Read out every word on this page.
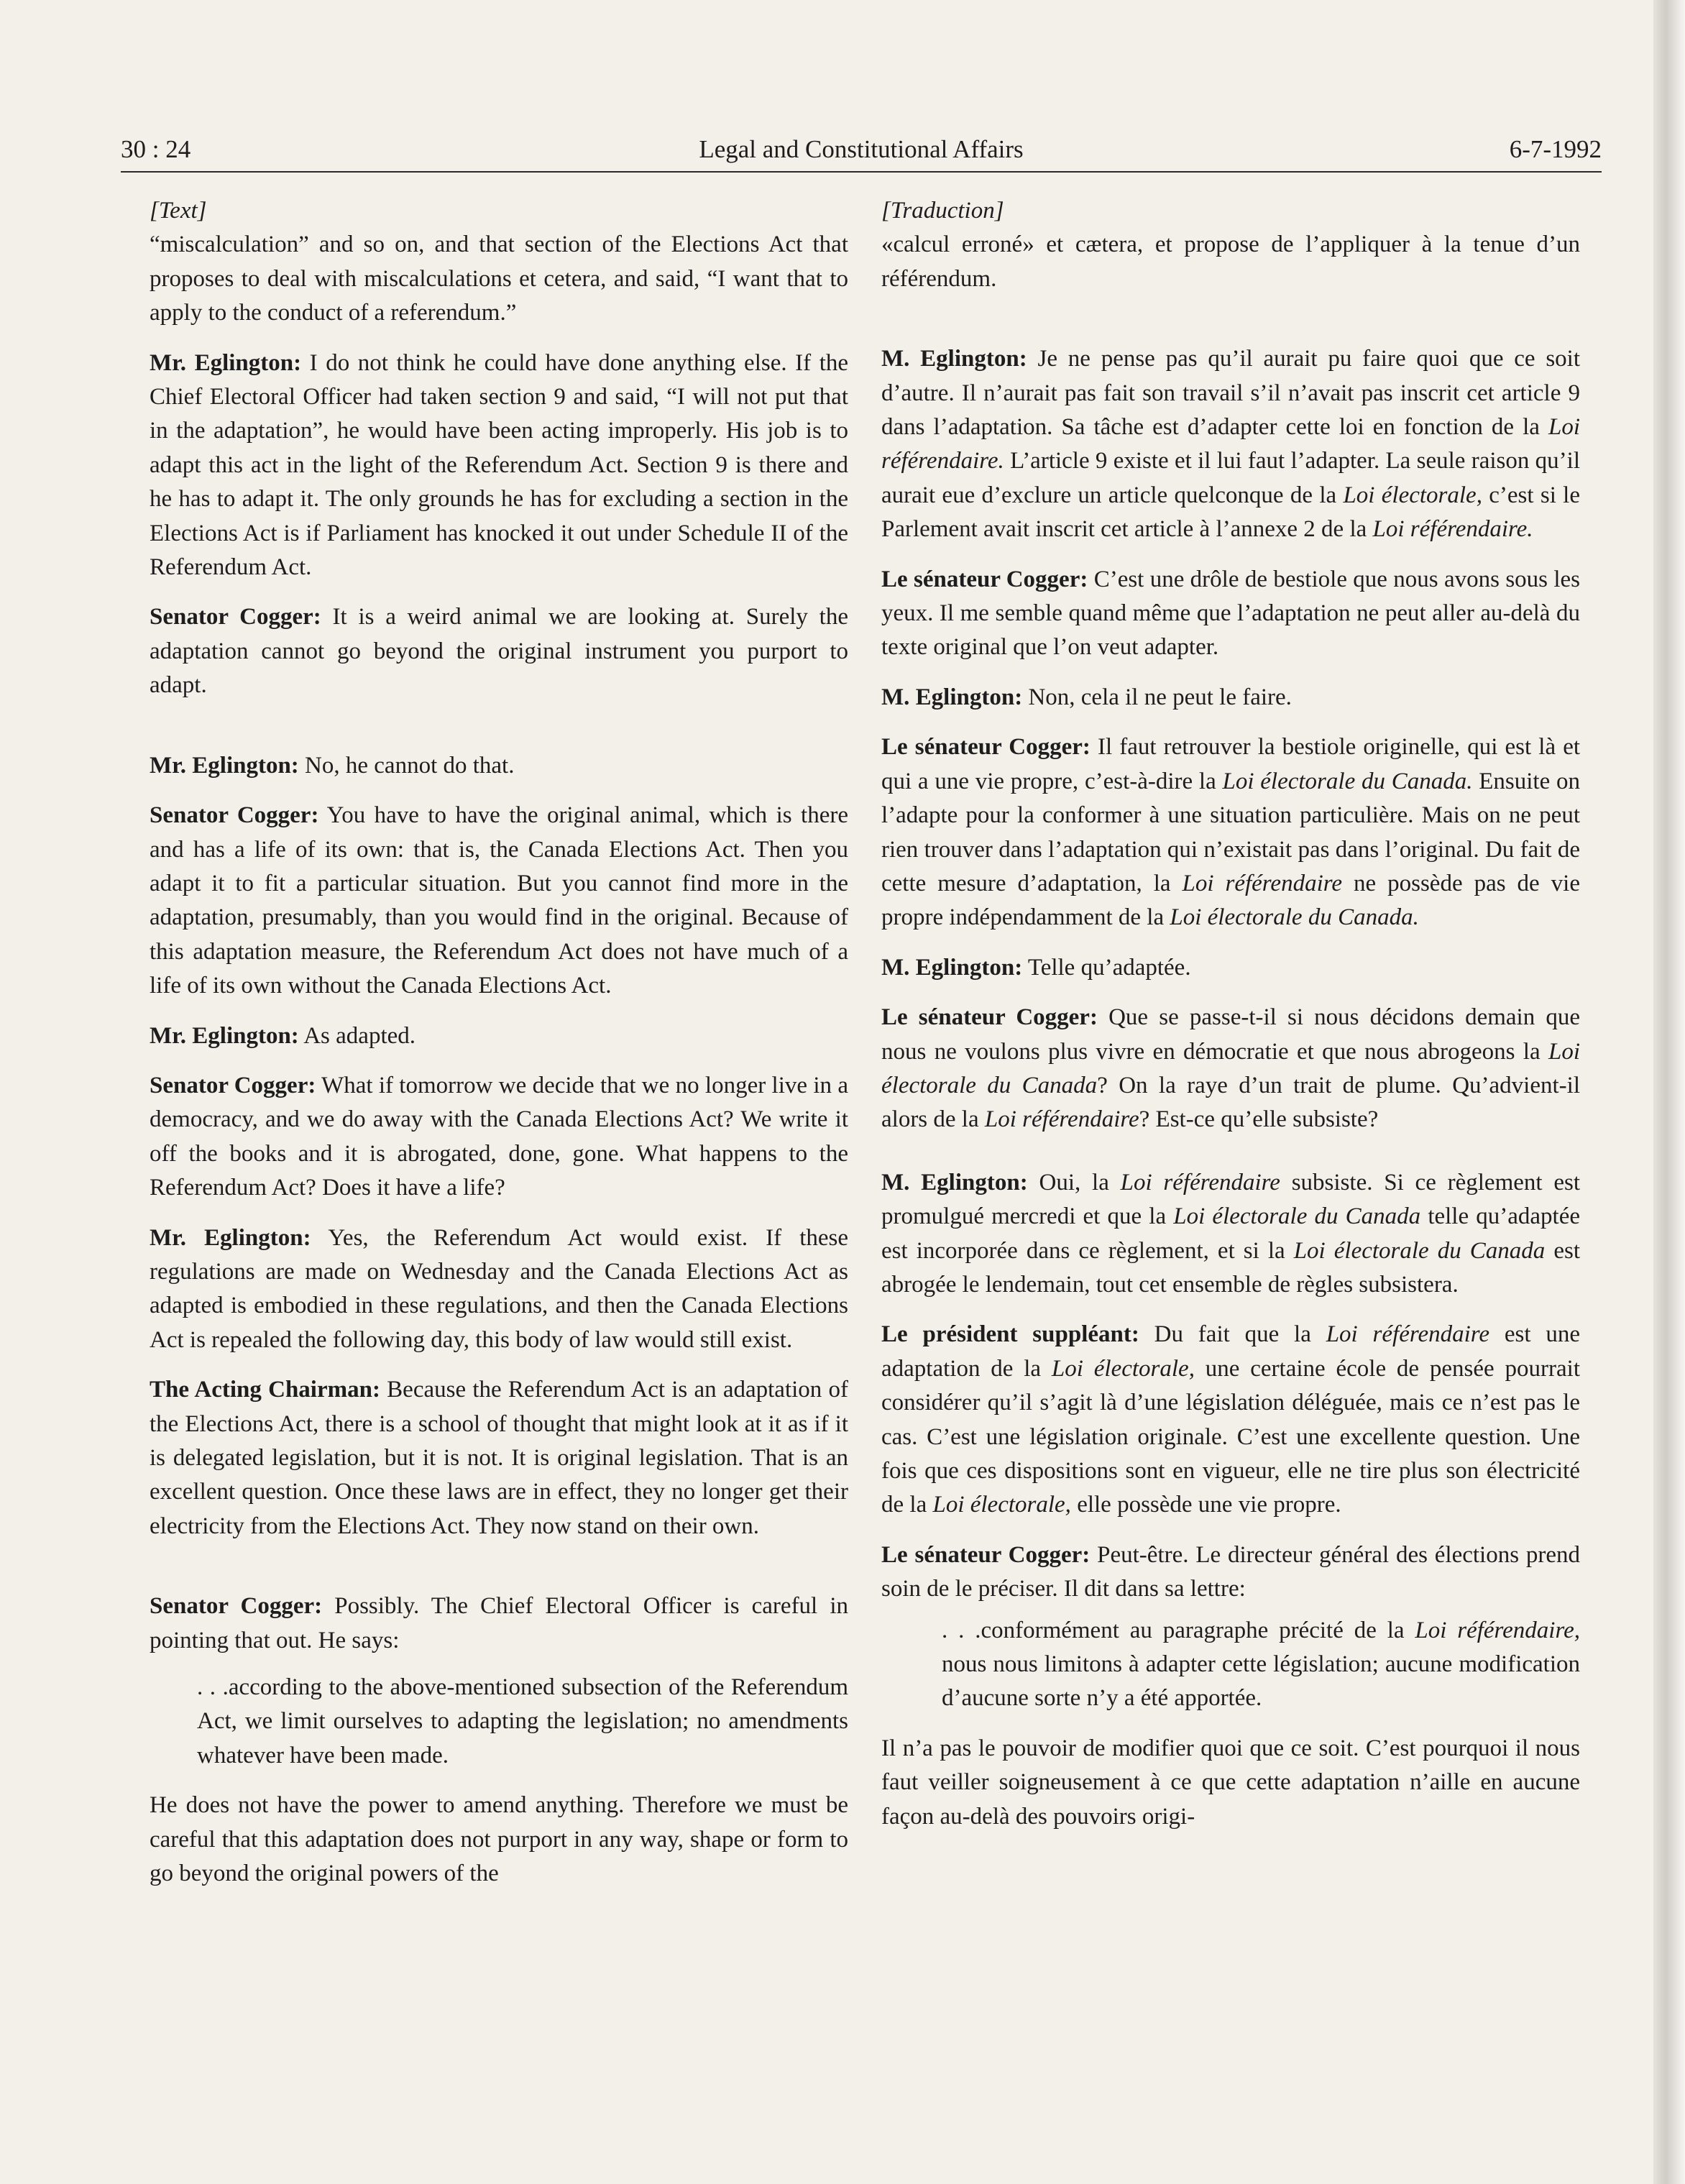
30 : 24	Legal and Constitutional Affairs	6-7-1992

[Text]

“miscalculation” and so on, and that section of the Elections Act that proposes to deal with miscalculations et cetera, and said, “I want that to apply to the conduct of a referendum.”

Mr. Eglington: I do not think he could have done anything else. If the Chief Electoral Officer had taken section 9 and said, “I will not put that in the adaptation”, he would have been acting improperly. His job is to adapt this act in the light of the Referendum Act. Section 9 is there and he has to adapt it. The only grounds he has for excluding a section in the Elections Act is if Parliament has knocked it out under Schedule II of the Referendum Act.

Senator Cogger: It is a weird animal we are looking at. Surely the adaptation cannot go beyond the original instrument you purport to adapt.

Mr. Eglington: No, he cannot do that.

Senator Cogger: You have to have the original animal, which is there and has a life of its own: that is, the Canada Elections Act. Then you adapt it to fit a particular situation. But you cannot find more in the adaptation, presumably, than you would find in the original. Because of this adaptation measure, the Referendum Act does not have much of a life of its own without the Canada Elections Act.

Mr. Eglington: As adapted.

Senator Cogger: What if tomorrow we decide that we no longer live in a democracy, and we do away with the Canada Elections Act? We write it off the books and it is abrogated, done, gone. What happens to the Referendum Act? Does it have a life?

Mr. Eglington: Yes, the Referendum Act would exist. If these regulations are made on Wednesday and the Canada Elections Act as adapted is embodied in these regulations, and then the Canada Elections Act is repealed the following day, this body of law would still exist.

The Acting Chairman: Because the Referendum Act is an adaptation of the Elections Act, there is a school of thought that might look at it as if it is delegated legislation, but it is not. It is original legislation. That is an excellent question. Once these laws are in effect, they no longer get their electricity from the Elections Act. They now stand on their own.

Senator Cogger: Possibly. The Chief Electoral Officer is careful in pointing that out. He says:

. . .according to the above-mentioned subsection of the Referendum Act, we limit ourselves to adapting the legislation; no amendments whatever have been made.

He does not have the power to amend anything. Therefore we must be careful that this adaptation does not purport in any way, shape or form to go beyond the original powers of the

[Traduction]

«calcul erroné» et cætera, et propose de l’appliquer à la tenue d’un référendum.

M. Eglington: Je ne pense pas qu’il aurait pu faire quoi que ce soit d’autre. Il n’aurait pas fait son travail s’il n’avait pas inscrit cet article 9 dans l’adaptation. Sa tâche est d’adapter cette loi en fonction de la Loi référendaire. L’article 9 existe et il lui faut l’adapter. La seule raison qu’il aurait eue d’exclure un article quelconque de la Loi électorale, c’est si le Parlement avait inscrit cet article à l’annexe 2 de la Loi référendaire.

Le sénateur Cogger: C’est une drôle de bestiole que nous avons sous les yeux. Il me semble quand même que l’adaptation ne peut aller au-delà du texte original que l’on veut adapter.

M. Eglington: Non, cela il ne peut le faire.

Le sénateur Cogger: Il faut retrouver la bestiole originelle, qui est là et qui a une vie propre, c’est-à-dire la Loi électorale du Canada. Ensuite on l’adapte pour la conformer à une situation particulière. Mais on ne peut rien trouver dans l’adaptation qui n’existait pas dans l’original. Du fait de cette mesure d’adaptation, la Loi référendaire ne possède pas de vie propre indépendamment de la Loi électorale du Canada.

M. Eglington: Telle qu’adaptée.

Le sénateur Cogger: Que se passe-t-il si nous décidons demain que nous ne voulons plus vivre en démocratie et que nous abrogeons la Loi électorale du Canada? On la raye d’un trait de plume. Qu’advient-il alors de la Loi référendaire? Est-ce qu’elle subsiste?

M. Eglington: Oui, la Loi référendaire subsiste. Si ce règlement est promulgué mercredi et que la Loi électorale du Canada telle qu’adaptée est incorporée dans ce règlement, et si la Loi électorale du Canada est abrogée le lendemain, tout cet ensemble de règles subsistera.

Le président suppléant: Du fait que la Loi référendaire est une adaptation de la Loi électorale, une certaine école de pensée pourrait considérer qu’il s’agit là d’une législation déléguée, mais ce n’est pas le cas. C’est une législation originale. C’est une excellente question. Une fois que ces dispositions sont en vigueur, elle ne tire plus son électricité de la Loi électorale, elle possède une vie propre.

Le sénateur Cogger: Peut-être. Le directeur général des élections prend soin de le préciser. Il dit dans sa lettre:

. . .conformément au paragraphe précité de la Loi référendaire, nous nous limitons à adapter cette législation; aucune modification d’aucune sorte n’y a été apportée.

Il n’a pas le pouvoir de modifier quoi que ce soit. C’est pourquoi il nous faut veiller soigneusement à ce que cette adaptation n’aille en aucune façon au-delà des pouvoirs origi-
